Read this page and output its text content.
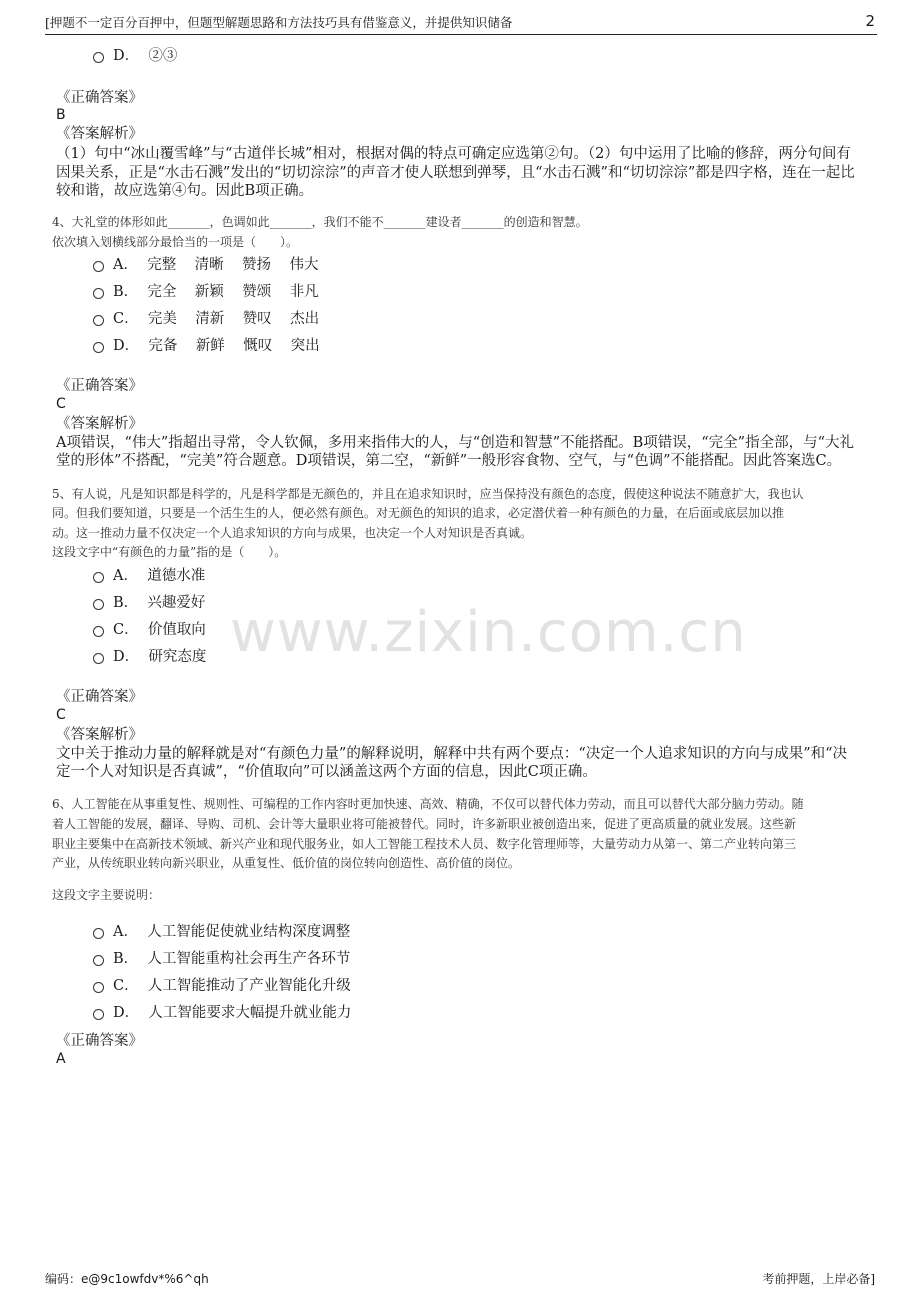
[押题不一定百分百押中，但题型解题思路和方法技巧具有借鉴意义，并提供知识储备	2
www.zixin.com.cn
D．  ②③
《正确答案》
B
《答案解析》
（1）句中“冰山覆雪峰”与“古道伴长城”相对，根据对偶的特点可确定应选第②句。（2）句中运用了比喻的修辞，两分句间有
因果关系，正是“水击石溅”发出的“切切淙淙”的声音才使人联想到弹琴，且“水击石溅”和“切切淙淙”都是四字格，连在一起比
较和谐，故应选第④句。因此B项正确。
4、大礼堂的体形如此_______，色调如此_______，我们不能不_______建设者_______的创造和智慧。
依次填入划横线部分最恰当的一项是（　　）。
A．  完整    清晰    赞扬    伟大
B．  完全    新颖    赞颂    非凡
C．  完美    清新    赞叹    杰出
D．  完备    新鲜    慨叹    突出
《正确答案》
C
《答案解析》
A项错误，“伟大”指超出寻常，令人钦佩，多用来指伟大的人，与“创造和智慧”不能搭配。B项错误，“完全”指全部，与“大礼
堂的形体”不搭配，“完美”符合题意。D项错误，第二空，“新鲜”一般形容食物、空气，与“色调”不能搭配。因此答案选C。
5、有人说，凡是知识都是科学的，凡是科学都是无颜色的，并且在追求知识时，应当保持没有颜色的态度，假使这种说法不随意扩大，我也认
同。但我们要知道，只要是一个活生生的人，便必然有颜色。对无颜色的知识的追求，必定潜伏着一种有颜色的力量，在后面或底层加以推
动。这一推动力量不仅决定一个人追求知识的方向与成果，也决定一个人对知识是否真诚。
这段文字中“有颜色的力量”指的是（　　）。
A．  道德水准
B．  兴趣爱好
C．  价值取向
D．  研究态度
《正确答案》
C
《答案解析》
文中关于推动力量的解释就是对“有颜色力量”的解释说明，解释中共有两个要点：“决定一个人追求知识的方向与成果”和“决
定一个人对知识是否真诚”，“价值取向”可以涵盖这两个方面的信息，因此C项正确。
6、人工智能在从事重复性、规则性、可编程的工作内容时更加快速、高效、精确，不仅可以替代体力劳动，而且可以替代大部分脑力劳动。随
着人工智能的发展，翻译、导购、司机、会计等大量职业将可能被替代。同时，许多新职业被创造出来，促进了更高质量的就业发展。这些新
职业主要集中在高新技术领域、新兴产业和现代服务业，如人工智能工程技术人员、数字化管理师等，大量劳动力从第一、第二产业转向第三
产业，从传统职业转向新兴职业，从重复性、低价值的岗位转向创造性、高价值的岗位。
这段文字主要说明：
A．  人工智能促使就业结构深度调整
B．  人工智能重构社会再生产各环节
C．  人工智能推动了产业智能化升级
D．  人工智能要求大幅提升就业能力
《正确答案》
A
编码：e@9c1owfdv*%6^qh	考前押题，上岸必备]
